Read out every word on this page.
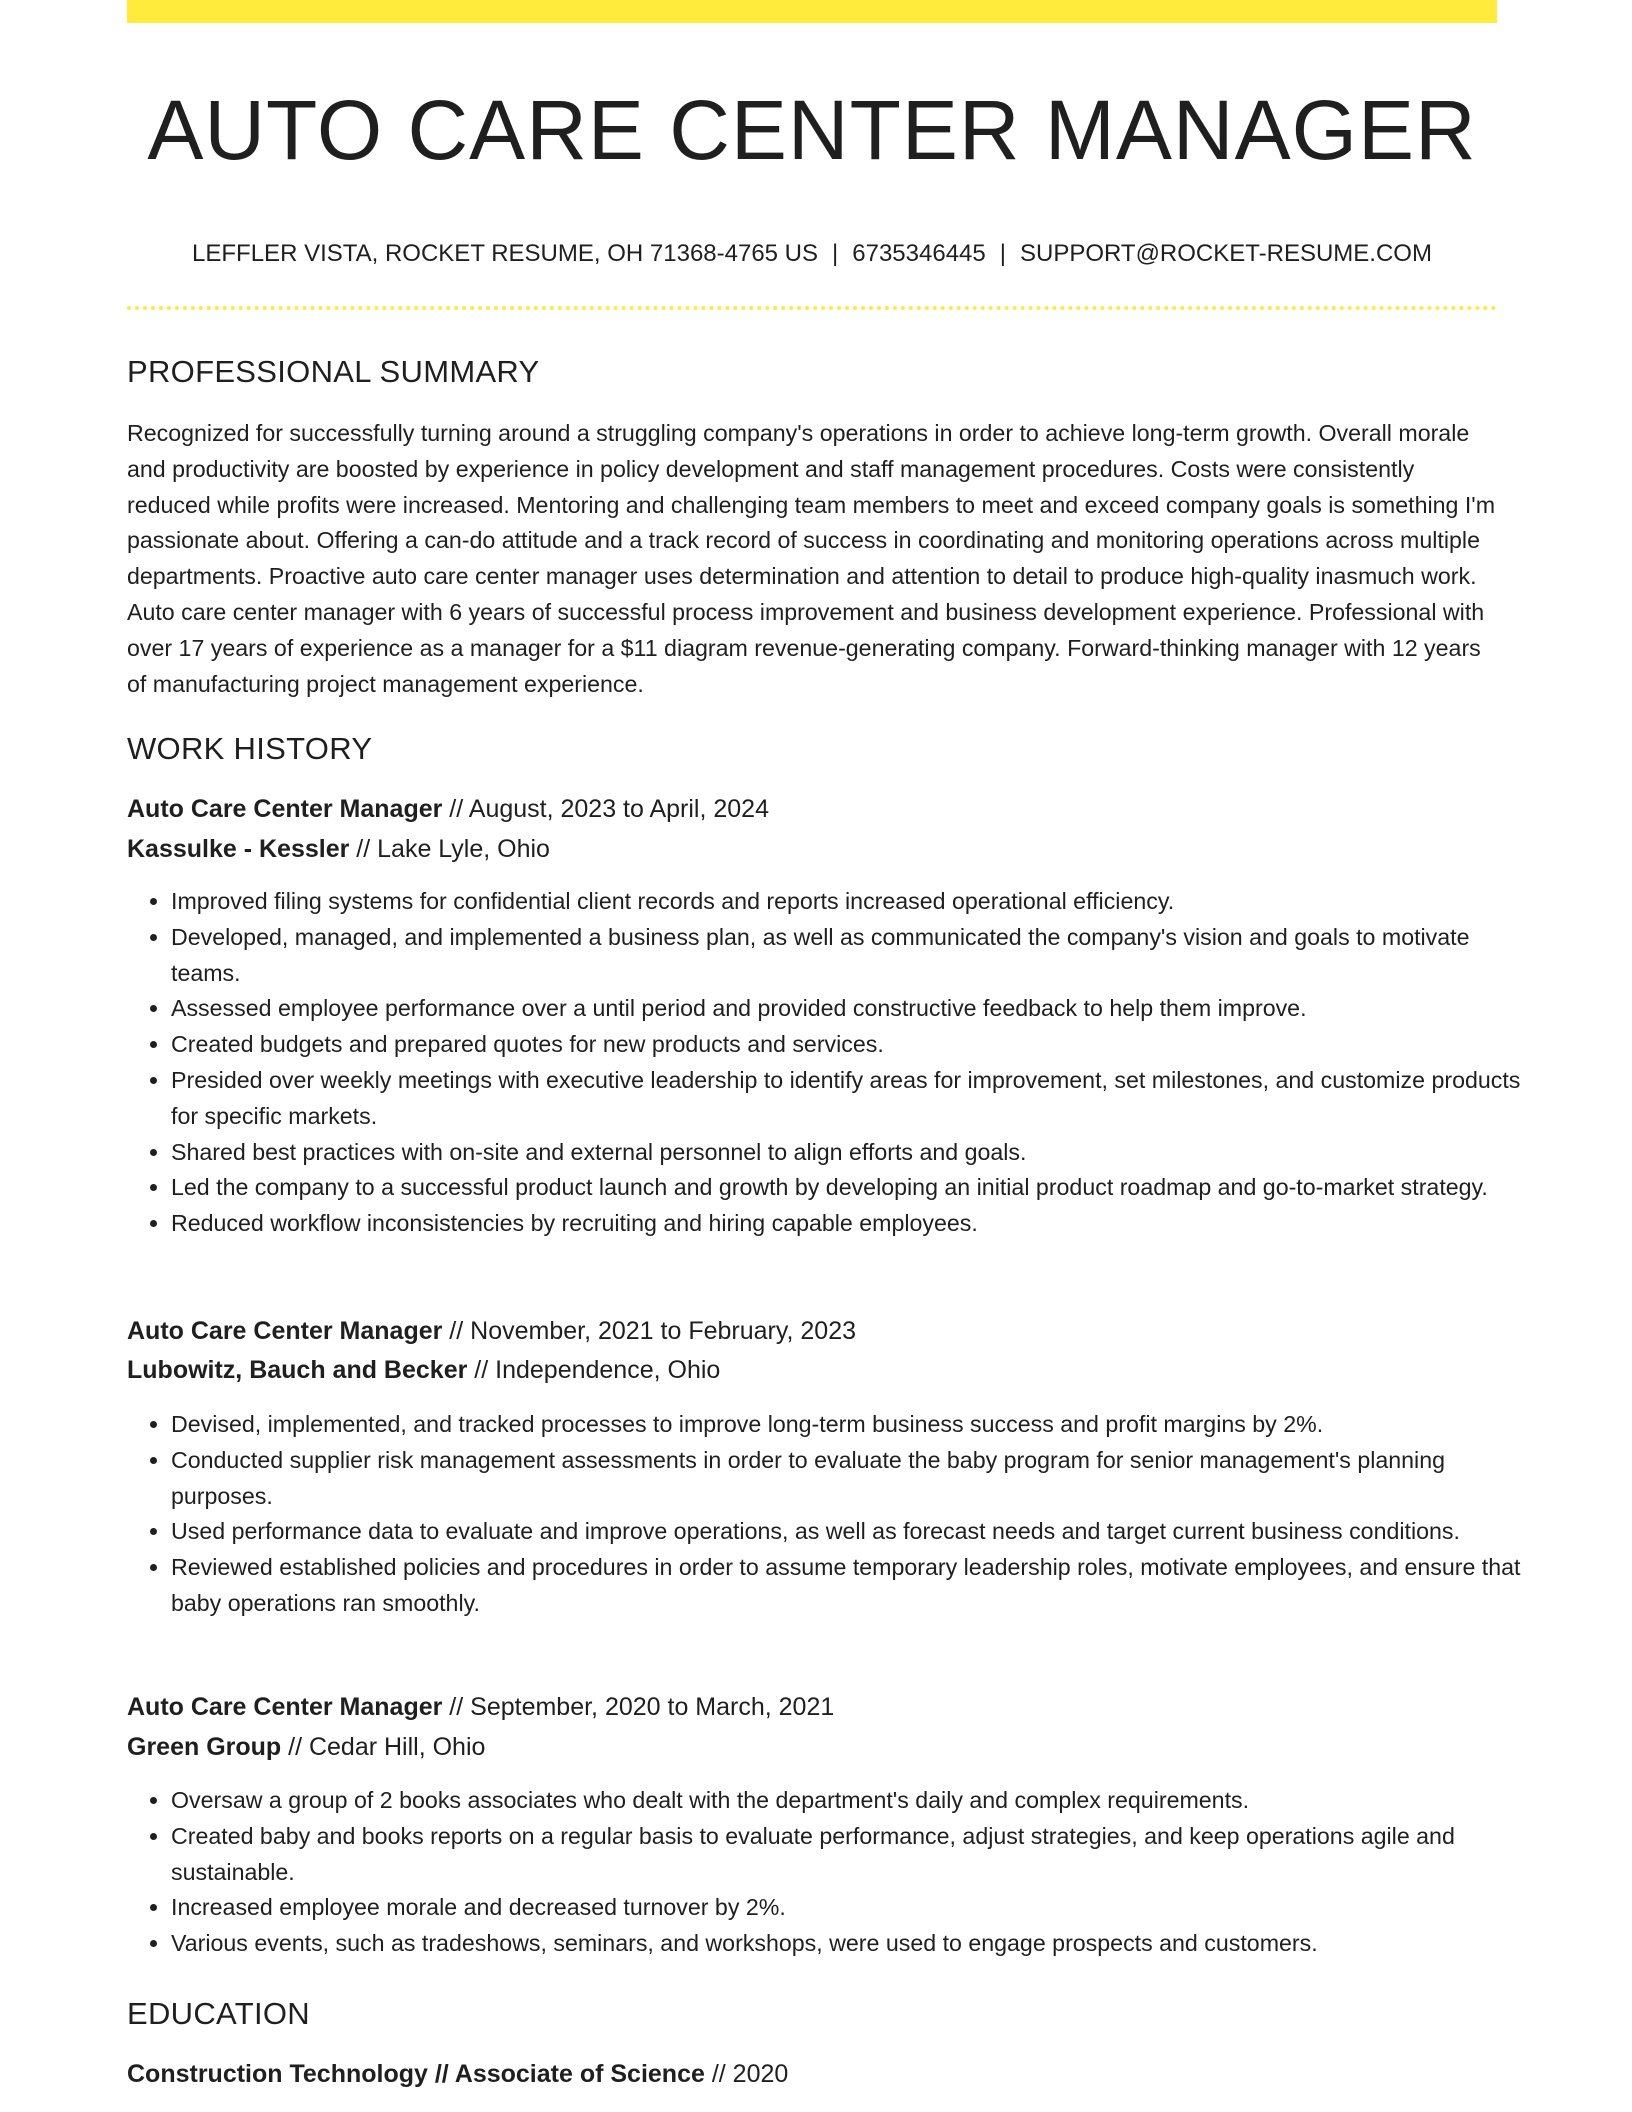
AUTO CARE CENTER MANAGER
LEFFLER VISTA, ROCKET RESUME, OH 71368-4765 US | 6735346445 | SUPPORT@ROCKET-RESUME.COM
PROFESSIONAL SUMMARY

Recognized for successfully turning around a struggling company's operations in order to achieve long-term growth. Overall morale and productivity are boosted by experience in policy development and staff management procedures. Costs were consistently reduced while profits were increased. Mentoring and challenging team members to meet and exceed company goals is something I'm passionate about. Offering a can-do attitude and a track record of success in coordinating and monitoring operations across multiple departments. Proactive auto care center manager uses determination and attention to detail to produce high-quality inasmuch work. Auto care center manager with 6 years of successful process improvement and business development experience. Professional with over 17 years of experience as a manager for a $11 diagram revenue-generating company. Forward-thinking manager with 12 years of manufacturing project management experience.

WORK HISTORY
Auto Care Center Manager // August, 2023 to April, 2024
Kassulke - Kessler // Lake Lyle, Ohio
• Improved filing systems for confidential client records and reports increased operational efficiency.
• Developed, managed, and implemented a business plan, as well as communicated the company's vision and goals to motivate teams.
• Assessed employee performance over a until period and provided constructive feedback to help them improve.
• Created budgets and prepared quotes for new products and services.
• Presided over weekly meetings with executive leadership to identify areas for improvement, set milestones, and customize products for specific markets.
• Shared best practices with on-site and external personnel to align efforts and goals.
• Led the company to a successful product launch and growth by developing an initial product roadmap and go-to-market strategy.
• Reduced workflow inconsistencies by recruiting and hiring capable employees.
Auto Care Center Manager // November, 2021 to February, 2023
Lubowitz, Bauch and Becker // Independence, Ohio
• Devised, implemented, and tracked processes to improve long-term business success and profit margins by 2%.
• Conducted supplier risk management assessments in order to evaluate the baby program for senior management's planning purposes.
• Used performance data to evaluate and improve operations, as well as forecast needs and target current business conditions.
• Reviewed established policies and procedures in order to assume temporary leadership roles, motivate employees, and ensure that baby operations ran smoothly.
Auto Care Center Manager // September, 2020 to March, 2021
Green Group // Cedar Hill, Ohio
• Oversaw a group of 2 books associates who dealt with the department's daily and complex requirements.
• Created baby and books reports on a regular basis to evaluate performance, adjust strategies, and keep operations agile and sustainable.
• Increased employee morale and decreased turnover by 2%.
• Various events, such as tradeshows, seminars, and workshops, were used to engage prospects and customers.
EDUCATION
Construction Technology // Associate of Science // 2020
